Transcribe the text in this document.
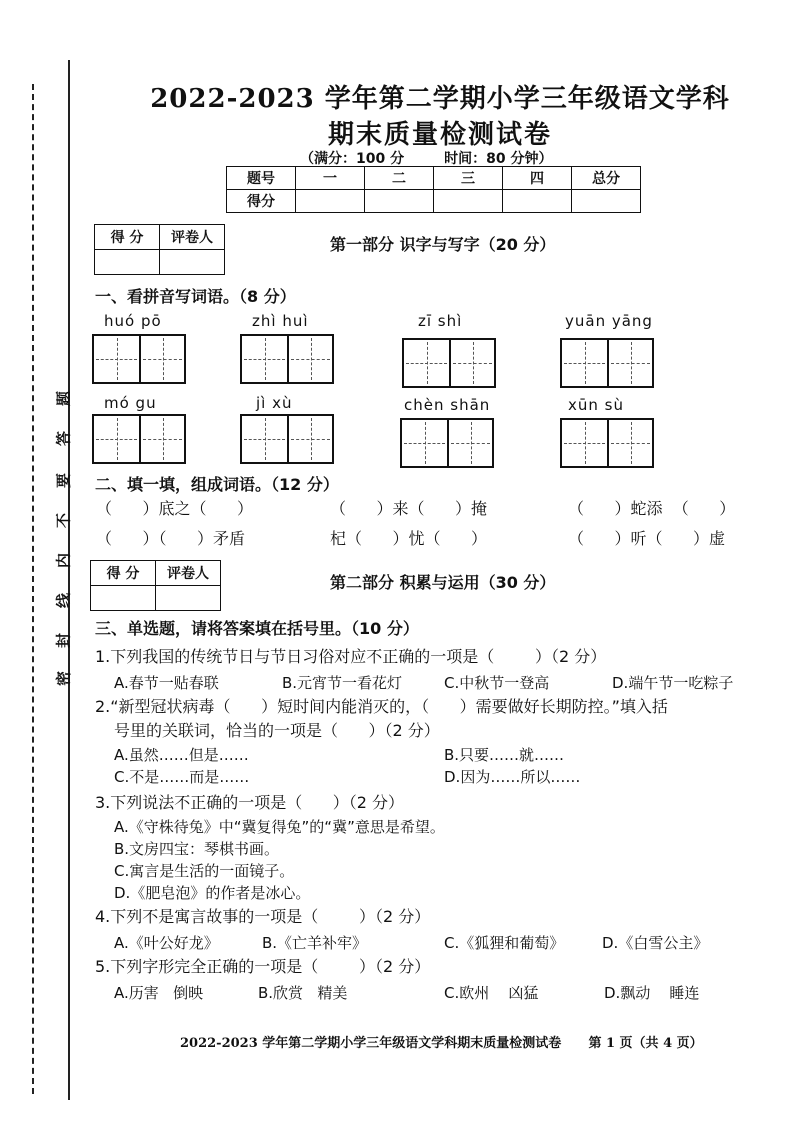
题
答
要
不
内
线
封
密
2022-2023 学年第二学期小学三年级语文学科
期末质量检测试卷
（满分：100 分	时间：80 分钟）
题号	一	二	三	四	总分
得分					
得 分	评卷人
		第一部分 识字与写字（20 分）
一、看拼音写词语。（8 分）
huó pō	zhì huì	zī shì	yuān yāng
mó gu	jì xù	chèn shān	xūn sù
二、填一填，组成词语。（12 分）
（      ）底之（      ）	（      ）来（      ）掩	（      ）蛇添  （      ）
（      ）（      ）矛盾	杞（      ）忧（      ）	（      ）听（      ）虚
得 分	评卷人
		第二部分 积累与运用（30 分）
三、单选题，请将答案填在括号里。（10 分）
1.下列我国的传统节日与节日习俗对应不正确的一项是（        ）（2 分）
A.春节一贴春联	B.元宵节一看花灯	C.中秋节一登高	D.端午节一吃粽子
2.“新型冠状病毒（      ）短时间内能消灭的，（      ）需要做好长期防控。”填入括
号里的关联词，恰当的一项是（      ）（2 分）
A.虽然……但是……	B.只要……就……
C.不是……而是……	D.因为……所以……
3.下列说法不正确的一项是（      ）（2 分）
A.《守株待兔》中“冀复得兔”的“冀”意思是希望。
B.文房四宝：琴棋书画。
C.寓言是生活的一面镜子。
D.《肥皂泡》的作者是冰心。
4.下列不是寓言故事的一项是（        ）（2 分）
A.《叶公好龙》	B.《亡羊补牢》	C.《狐狸和葡萄》	D.《白雪公主》
5.下列字形完全正确的一项是（        ）（2 分）
A.历害   倒映	B.欣赏   精美	C.欧州    凶猛	D.飘动    睡连
2022-2023 学年第二学期小学三年级语文学科期末质量检测试卷 第 1 页（共 4 页）
